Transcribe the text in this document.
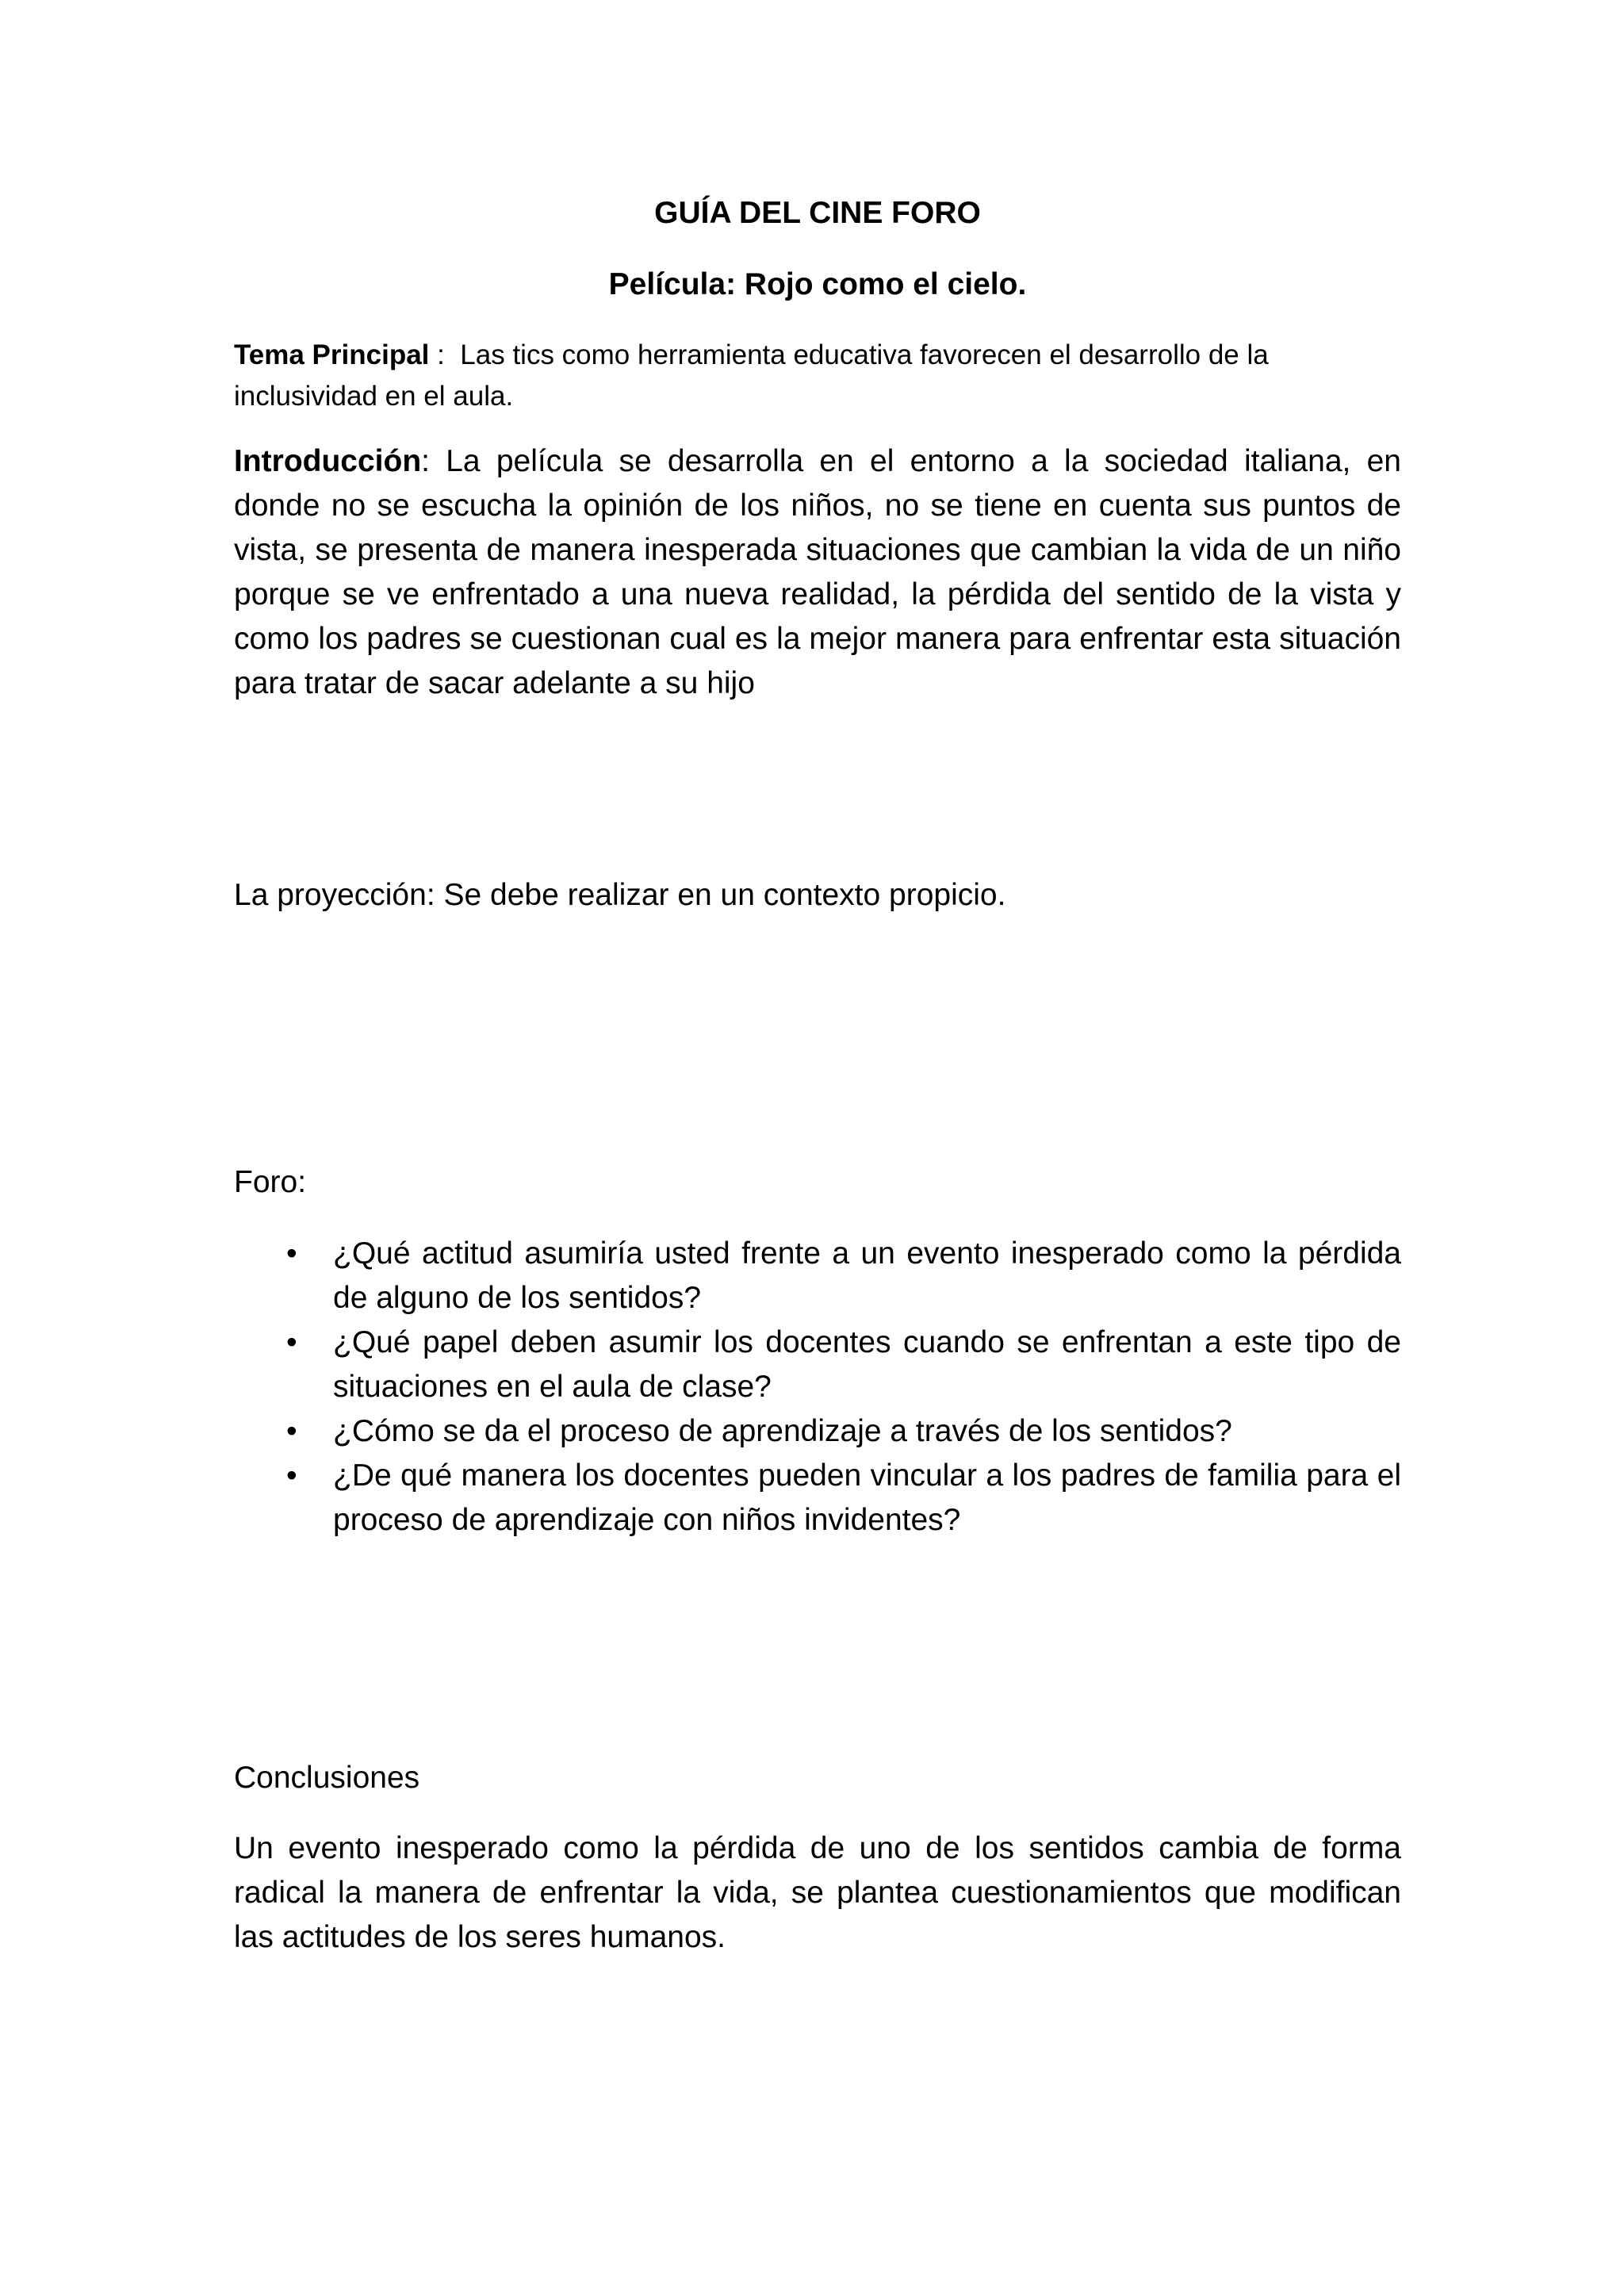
GUÍA DEL CINE FORO
Película: Rojo como el cielo.

Tema Principal :  Las tics como herramienta educativa favorecen el desarrollo de la inclusividad en el aula.

Introducción: La película se desarrolla en el entorno a la sociedad italiana, en donde no se escucha la opinión de los niños, no se tiene en cuenta sus puntos de vista, se presenta de manera inesperada situaciones que cambian la vida de un niño porque se ve enfrentado a una nueva realidad, la pérdida del sentido de la vista y como los padres se cuestionan cual es la mejor manera para enfrentar esta situación para tratar de sacar adelante a su hijo

La proyección: Se debe realizar en un contexto propicio.

Foro:

• ¿Qué actitud asumiría usted frente a un evento inesperado como la pérdida de alguno de los sentidos?
• ¿Qué papel deben asumir los docentes cuando se enfrentan a este tipo de situaciones en el aula de clase?
• ¿Cómo se da el proceso de aprendizaje a través de los sentidos?
• ¿De qué manera los docentes pueden vincular a los padres de familia para el proceso de aprendizaje con niños invidentes?

Conclusiones

Un evento inesperado como la pérdida de uno de los sentidos cambia de forma radical la manera de enfrentar la vida, se plantea cuestionamientos que modifican las actitudes de los seres humanos.
